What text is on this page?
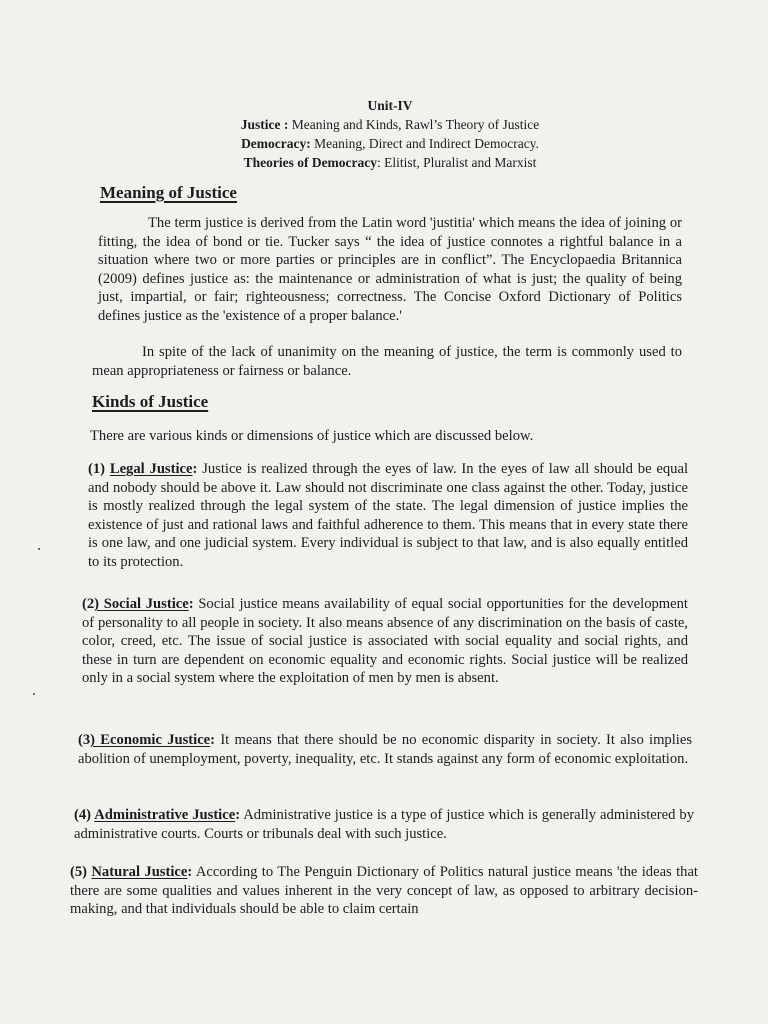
Unit-IV
Justice : Meaning and Kinds, Rawl’s Theory of Justice
Democracy: Meaning, Direct and Indirect Democracy.
Theories of Democracy: Elitist, Pluralist and Marxist
Meaning of Justice
The term justice is derived from the Latin word 'justitia' which means the idea of joining or fitting, the idea of bond or tie. Tucker says “ the idea of justice connotes a rightful balance in a situation where two or more parties or principles are in conflict”. The Encyclopaedia Britannica (2009) defines justice as: the maintenance or administration of what is just; the quality of being just, impartial, or fair; righteousness; correctness. The Concise Oxford Dictionary of Politics defines justice as the 'existence of a proper balance.'
In spite of the lack of unanimity on the meaning of justice, the term is commonly used to mean appropriateness or fairness or balance.
Kinds of Justice
There are various kinds or dimensions of justice which are discussed below.
(1) Legal Justice: Justice is realized through the eyes of law. In the eyes of law all should be equal and nobody should be above it. Law should not discriminate one class against the other. Today, justice is mostly realized through the legal system of the state. The legal dimension of justice implies the existence of just and rational laws and faithful adherence to them. This means that in every state there is one law, and one judicial system. Every individual is subject to that law, and is also equally entitled to its protection.
(2) Social Justice: Social justice means availability of equal social opportunities for the development of personality to all people in society. It also means absence of any discrimination on the basis of caste, color, creed, etc. The issue of social justice is associated with social equality and social rights, and these in turn are dependent on economic equality and economic rights. Social justice will be realized only in a social system where the exploitation of men by men is absent.
(3) Economic Justice: It means that there should be no economic disparity in society. It also implies abolition of unemployment, poverty, inequality, etc. It stands against any form of economic exploitation.
(4) Administrative Justice: Administrative justice is a type of justice which is generally administered by administrative courts. Courts or tribunals deal with such justice.
(5) Natural Justice: According to The Penguin Dictionary of Politics natural justice means 'the ideas that there are some qualities and values inherent in the very concept of law, as opposed to arbitrary decision-making, and that individuals should be able to claim certain
